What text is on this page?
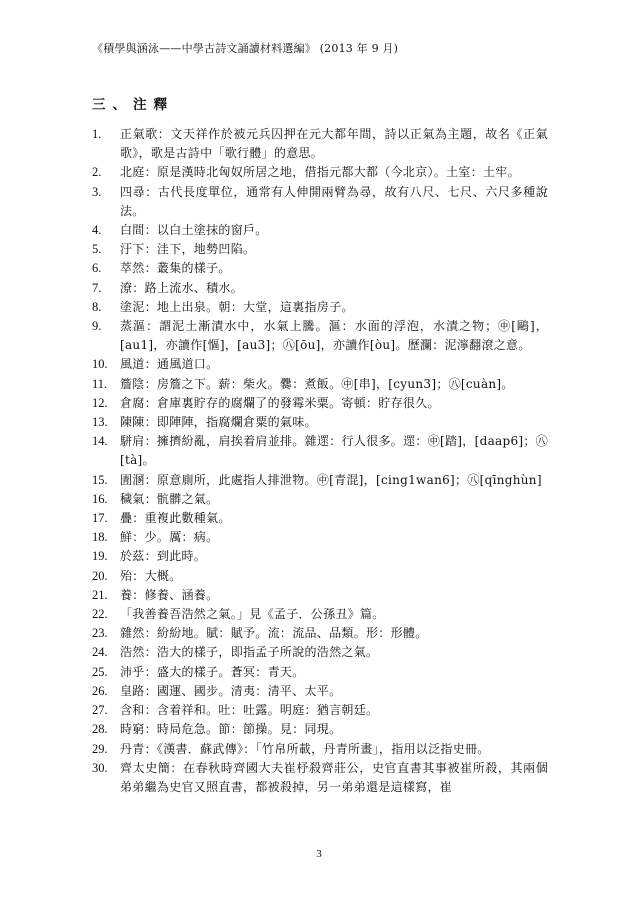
《積學與涵泳——中學古詩文誦讀材料選編》 (2013 年 9 月)
三、注釋
1.	正氣歌：文天祥作於被元兵囚押在元大都年間，詩以正氣為主題，故名《正氣歌》，歌是古詩中「歌行體」的意思。
2.	北庭：原是漢時北匈奴所居之地，借指元都大都（今北京）。土室：土牢。
3.	四尋：古代長度單位，通常有人伸開兩臂為尋，故有八尺、七尺、六尺多種說法。
4.	白間：以白土塗抹的窗戶。
5.	汙下：洼下，地勢凹陷。
6.	萃然：叢集的樣子。
7.	潦：路上流水、積水。
8.	塗泥：地上出泉。朝：大堂，這裏指房子。
9.	蒸漚：謂泥土漸漬水中，水氣上騰。漚：水面的浮泡，水漬之物；㊥[鷗]，[au1]，亦讀作[慪]，[au3]；㊇[ōu]，亦讀作[òu]。歷瀾：泥濘翻滾之意。
10.	風道：通風道口。
11.	簷陰：房簷之下。薪：柴火。爨：煮飯。㊥[串]，[cyun3]；㊇[cuàn]。
12.	倉腐：倉庫裏貯存的腐爛了的發霉米粟。寄頓：貯存很久。
13.	陳陳：即陣陣，指腐爛倉粟的氣味。
14.	駢肩：擁擠紛亂，肩挨着肩並排。雜遝：行人很多。遝：㊥[踏]，[daap6]；㊇[tà]。
15.	圊溷：原意廁所，此處指人排泄物。㊥[青混]，[cing1wan6]；㊇[qīnghùn]
16.	穢氣：骯髒之氣。
17.	疊：重複此數種氣。
18.	鮮：少。厲：病。
19.	於茲：到此時。
20.	殆：大概。
21.	養：修養、涵養。
22.	「我善養吾浩然之氣。」見《孟子．公孫丑》篇。
23.	雜然：紛紛地。賦：賦予。流：流品、品類。形：形體。
24.	浩然：浩大的樣子，即指孟子所說的浩然之氣。
25.	沛乎：盛大的樣子。蒼冥：青天。
26.	皇路：國運、國步。清夷：清平、太平。
27.	含和：含着祥和。吐：吐露。明庭：猶言朝廷。
28.	時窮：時局危急。節：節操。見：同現。
29.	丹青：《漢書．蘇武傳》：「竹帛所載，丹青所畫」，指用以泛指史冊。
30.	齊太史簡：在春秋時齊國大夫崔杼殺齊莊公，史官直書其事被崔所殺，其兩個弟弟繼為史官又照直書，都被殺掉，另一弟弟還是這樣寫，崔
3
